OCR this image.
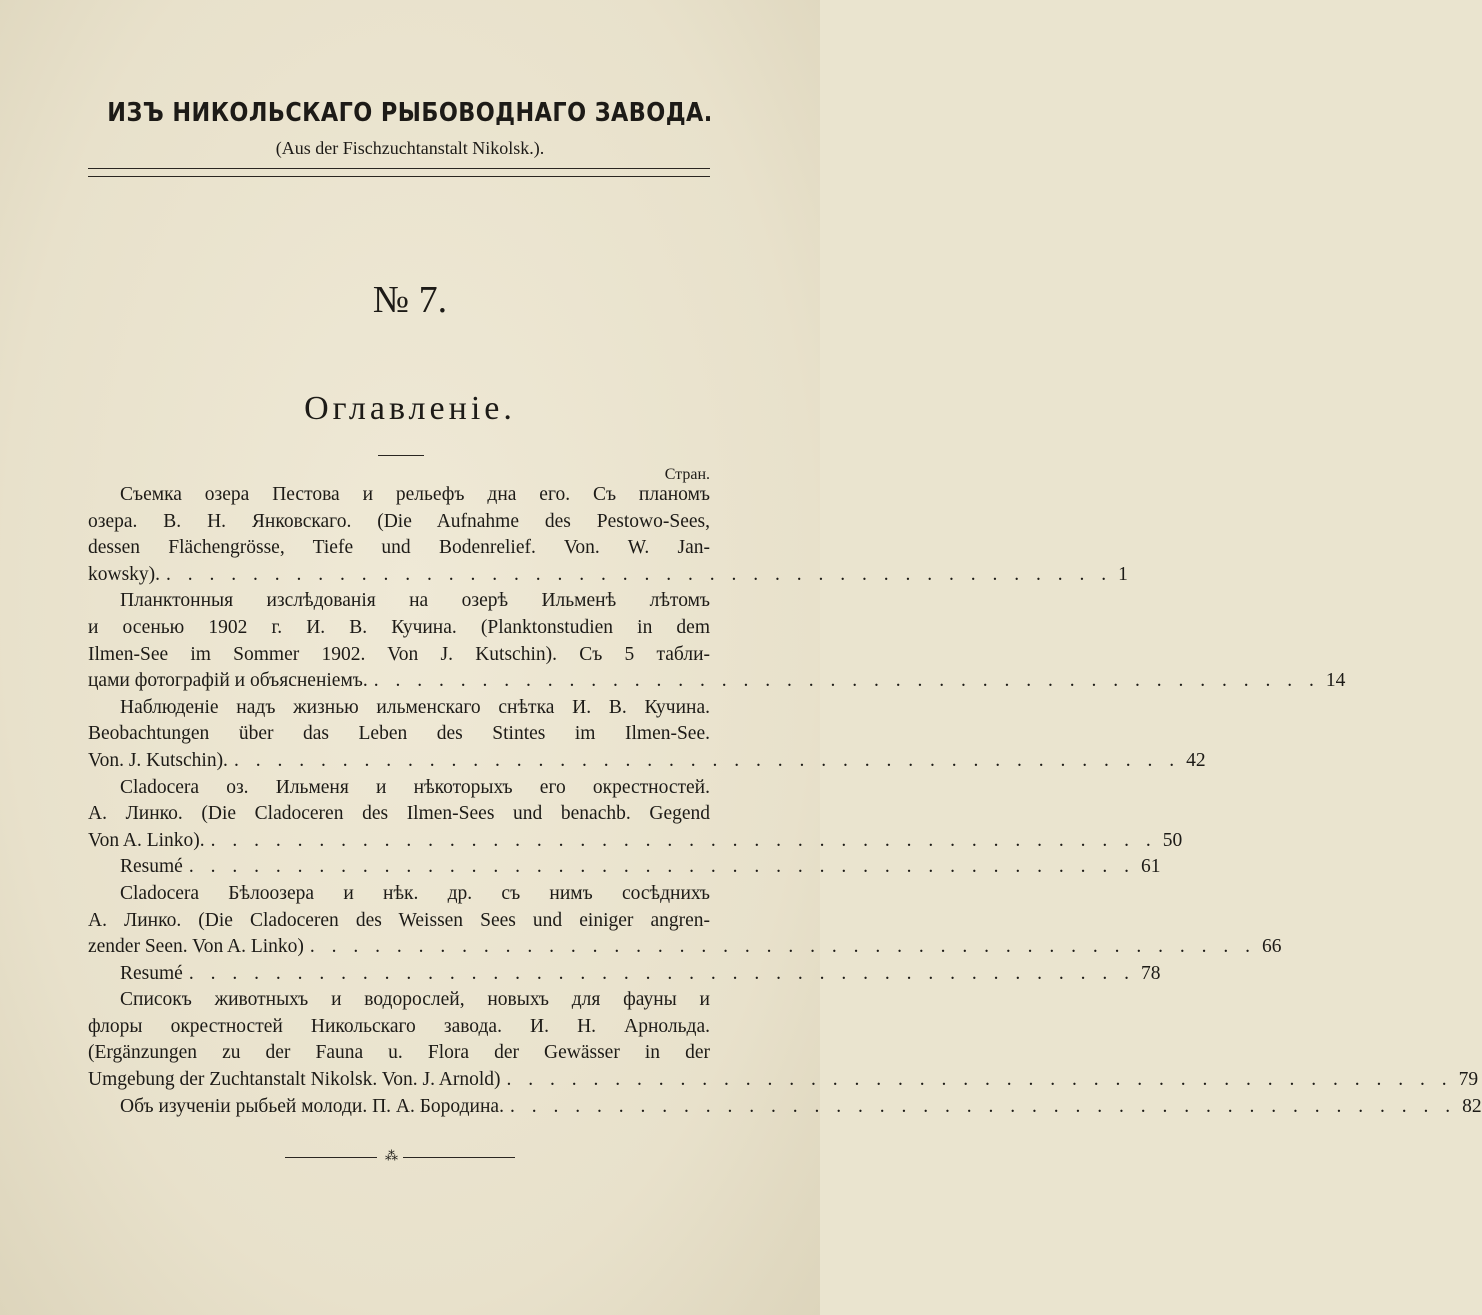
ИЗЪ НИКОЛЬСКАГО РЫБОВОДНАГО ЗАВОДА.
(Aus der Fischzuchtanstalt Nikolsk.).
№ 7.
Оглавленіе.
Стран.
Съемка озера Пестова и рельефъ дна его. Съ планомъ
озера. В. Н. Янковскаго. (Die Aufnahme des Pestowo-Sees,
dessen Flächengrösse, Tiefe und Bodenrelief. Von. W. Jan-
kowsky). . . . . . . . . . . . . . . . . . . . . . . . . . . . . . . . . . . . . . . . . . . . . 1
Планктонныя изслѣдованія на озерѣ Ильменѣ лѣтомъ
и осенью 1902 г. И. В. Кучина. (Planktonstudien in dem
Ilmen-See im Sommer 1902. Von J. Kutschin). Съ 5 табли-
цами фотографій и объясненіемъ. . . . . . . . . . . . . . . . . . . . . . . . . . . . . . . . . . . . . . . . . . . . . 14
Наблюденіе надъ жизнью ильменскаго снѣтка И. В. Кучина.
Beobachtungen über das Leben des Stintes im Ilmen-See.
Von. J. Kutschin). . . . . . . . . . . . . . . . . . . . . . . . . . . . . . . . . . . . . . . . . . . . . 42
Cladocera оз. Ильменя и нѣкоторыхъ его окрестностей.
А. Линко. (Die Cladoceren des Ilmen-Sees und benachb. Gegend
Von A. Linko). . . . . . . . . . . . . . . . . . . . . . . . . . . . . . . . . . . . . . . . . . . . . 50
Resumé . . . . . . . . . . . . . . . . . . . . . . . . . . . . . . . . . . . . . . . . . . . . 61
Cladocera Бѣлоозера и нѣк. др. съ нимъ сосѣднихъ
А. Линко. (Die Cladoceren des Weissen Sees und einiger angren-
zender Seen. Von A. Linko) . . . . . . . . . . . . . . . . . . . . . . . . . . . . . . . . . . . . . . . . . . . . 66
Resumé . . . . . . . . . . . . . . . . . . . . . . . . . . . . . . . . . . . . . . . . . . . . 78
Списокъ животныхъ и водорослей, новыхъ для фауны и
флоры окрестностей Никольскаго завода. И. Н. Арнольда.
(Ergänzungen zu der Fauna u. Flora der Gewässer in der
Umgebung der Zuchtanstalt Nikolsk. Von. J. Arnold) . . . . . . . . . . . . . . . . . . . . . . . . . . . . . . . . . . . . . . . . . . . . 79
Объ изученіи рыбьей молоди. П. А. Бородина. . . . . . . . . . . . . . . . . . . . . . . . . . . . . . . . . . . . . . . . . . . . . 82
⁂
